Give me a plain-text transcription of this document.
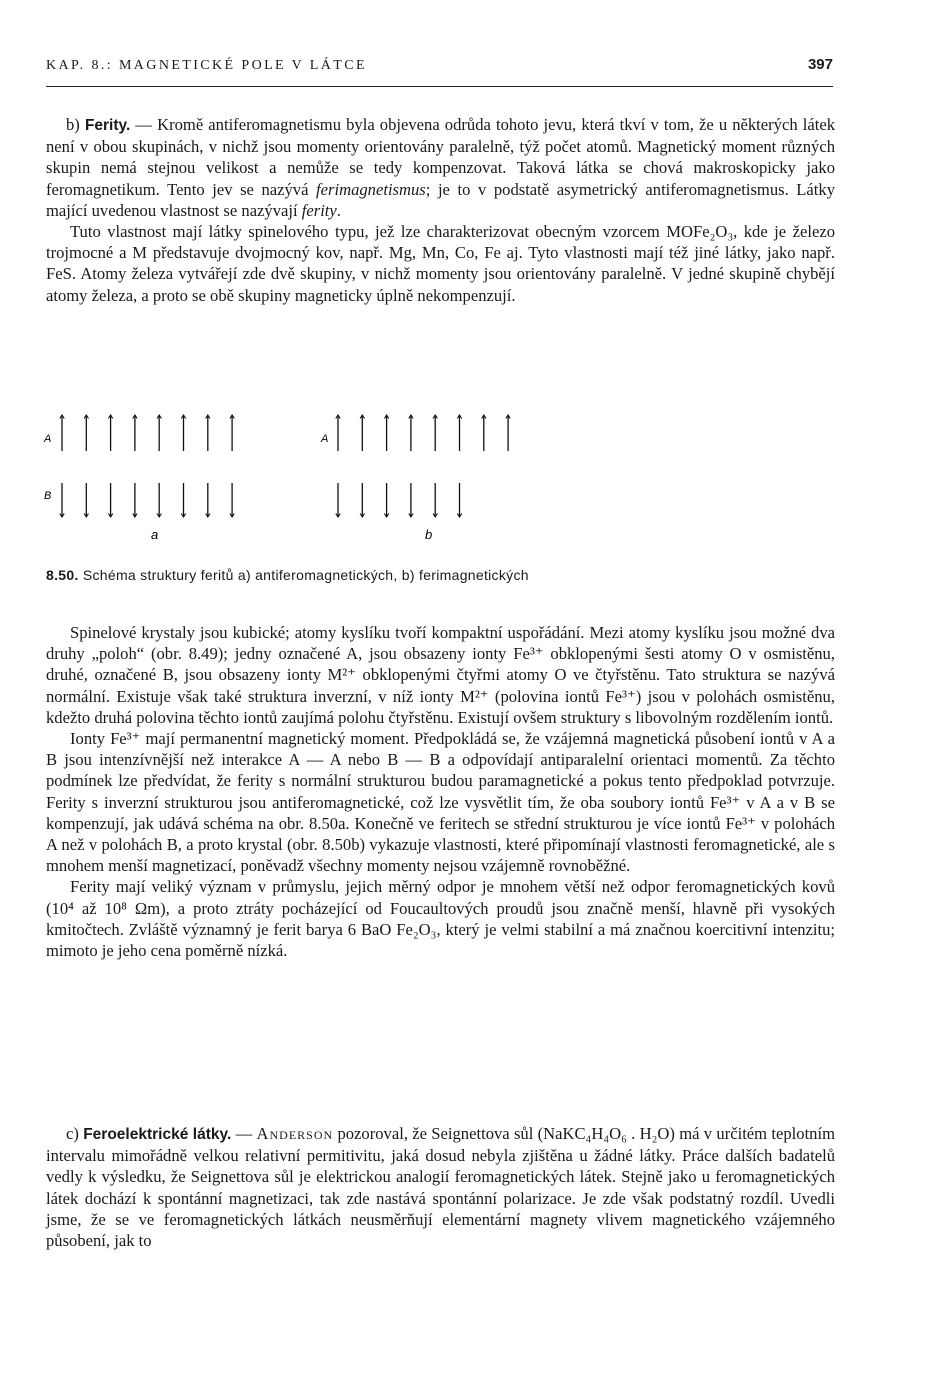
KAP. 8.: MAGNETICKÉ POLE V LÁTCE	397

b) Ferity. — Kromě antiferomagnetismu byla objevena odrůda tohoto jevu, která tkví v tom, že u některých látek není v obou skupinách, v nichž jsou momenty orientovány paralelně, týž počet atomů. Magnetický moment různých skupin nemá stejnou velikost a nemůže se tedy kompenzovat. Taková látka se chová makroskopicky jako feromagnetikum. Tento jev se nazývá ferimagnetismus; je to v podstatě asymetrický antiferomagnetismus. Látky mající uvedenou vlastnost se nazývají ferity.

Tuto vlastnost mají látky spinelového typu, jež lze charakterizovat obecným vzorcem MOFe₂O₃, kde je železo trojmocné a M představuje dvojmocný kov, např. Mg, Mn, Co, Fe aj. Tyto vlastnosti mají též jiné látky, jako např. FeS. Atomy železa vytvářejí zde dvě skupiny, v nichž momenty jsou orientovány paralelně. V jedné skupině chybějí atomy železa, a proto se obě skupiny magneticky úplně nekompenzují.

A
B
A
a	b
8.50. Schéma struktury feritů a) antiferomagnetických, b) ferimagnetických

Spinelové krystaly jsou kubické; atomy kyslíku tvoří kompaktní uspořádání. Mezi atomy kyslíku jsou možné dva druhy „poloh“ (obr. 8.49); jedny označené A, jsou obsazeny ionty Fe³⁺ obklopenými šesti atomy O v osmistěnu, druhé, označené B, jsou obsazeny ionty M²⁺ obklopenými čtyřmi atomy O ve čtyřstěnu. Tato struktura se nazývá normální. Existuje však také struktura inverzní, v níž ionty M²⁺ (polovina iontů Fe³⁺) jsou v polohách osmistěnu, kdežto druhá polovina těchto iontů zaujímá polohu čtyřstěnu. Existují ovšem struktury s libovolným rozdělením iontů.

Ionty Fe³⁺ mají permanentní magnetický moment. Předpokládá se, že vzájemná magnetická působení iontů v A a B jsou intenzívnější než interakce A — A nebo B — B a odpovídají antiparalelní orientaci momentů. Za těchto podmínek lze předvídat, že ferity s normální strukturou budou paramagnetické a pokus tento předpoklad potvrzuje. Ferity s inverzní strukturou jsou antiferomagnetické, což lze vysvětlit tím, že oba soubory iontů Fe³⁺ v A a v B se kompenzují, jak udává schéma na obr. 8.50a. Konečně ve feritech se střední strukturou je více iontů Fe³⁺ v polohách A než v polohách B, a proto krystal (obr. 8.50b) vykazuje vlastnosti, které připomínají vlastnosti feromagnetické, ale s mnohem menší magnetizací, poněvadž všechny momenty nejsou vzájemně rovnoběžné.

Ferity mají veliký význam v průmyslu, jejich měrný odpor je mnohem větší než odpor feromagnetických kovů (10⁴ až 10⁸ Ωm), a proto ztráty pocházející od Foucaultových proudů jsou značně menší, hlavně při vysokých kmitočtech. Zvláště významný je ferit barya 6 BaO Fe₂O₃, který je velmi stabilní a má značnou koercitivní intenzitu; mimoto je jeho cena poměrně nízká.

c) Feroelektrické látky. — Anderson pozoroval, že Seignettova sůl (NaKC₄H₄O₆ . H₂O) má v určitém teplotním intervalu mimořádně velkou relativní permitivitu, jaká dosud nebyla zjištěna u žádné látky. Práce dalších badatelů vedly k výsledku, že Seignettova sůl je elektrickou analogií feromagnetických látek. Stejně jako u feromagnetických látek dochází k spontánní magnetizaci, tak zde nastává spontánní polarizace. Je zde však podstatný rozdíl. Uvedli jsme, že se ve feromagnetických látkách neusměrňují elementární magnety vlivem magnetického vzájemného působení, jak to
